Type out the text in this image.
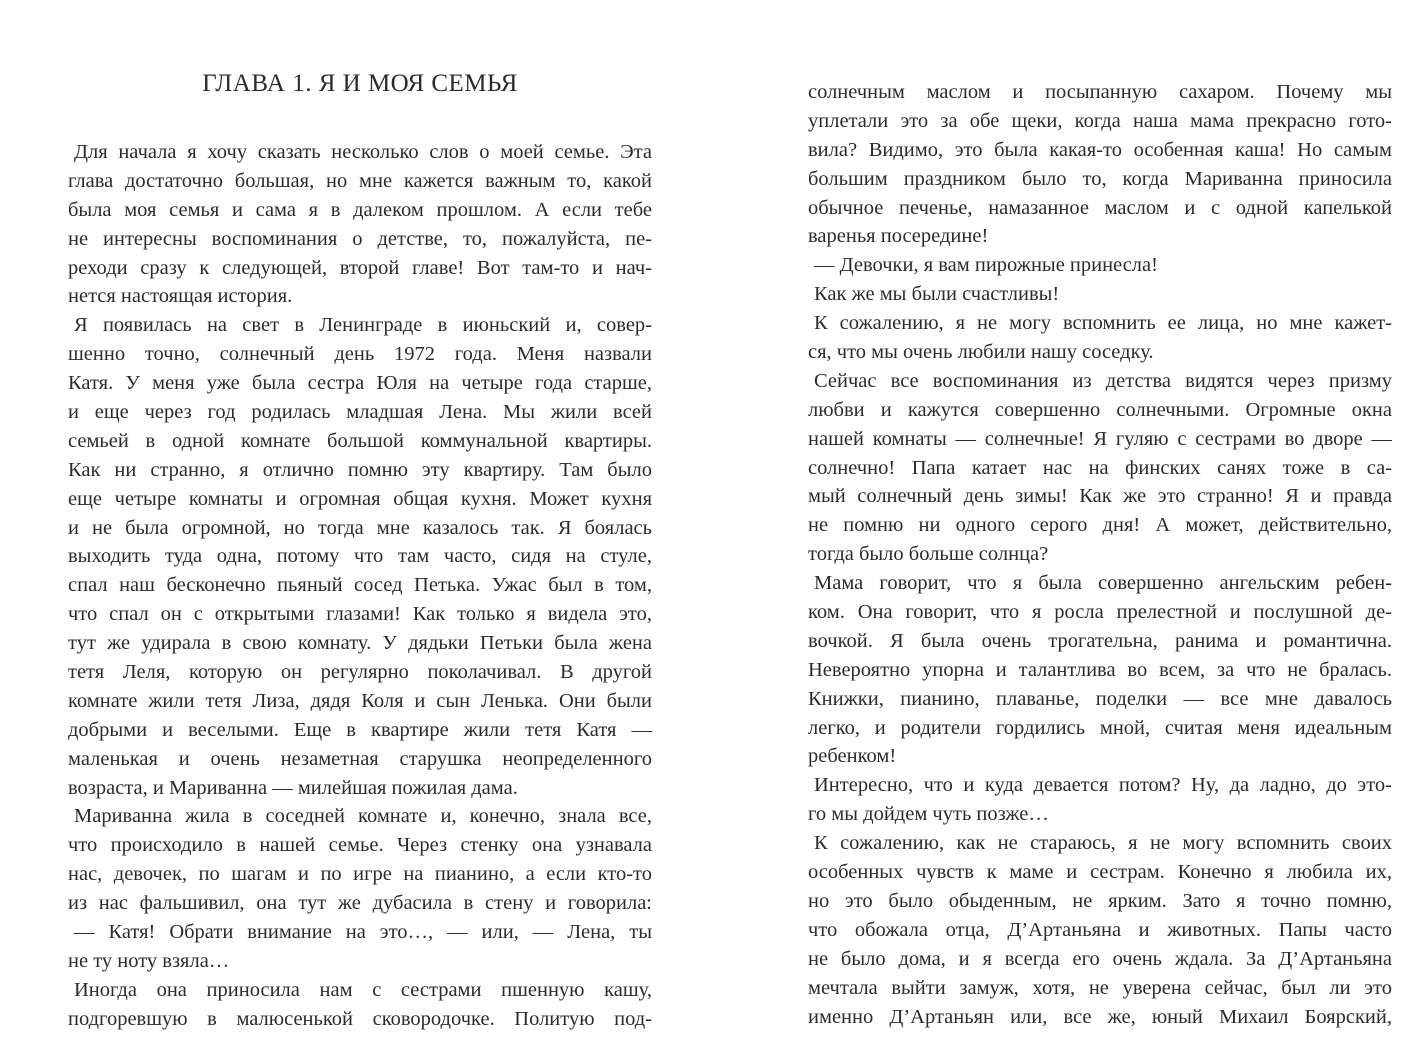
ГЛАВА 1. Я И МОЯ СЕМЬЯ
Для начала я хочу сказать несколько слов о моей семье. Эта
глава достаточно большая, но мне кажется важным то, какой
была моя семья и сама я в далеком прошлом. А если тебе
не интересны воспоминания о детстве, то, пожалуйста, пе-
реходи сразу к следующей, второй главе! Вот там-то и нач-
нется настоящая история.
Я появилась на свет в Ленинграде в июньский и, совер-
шенно точно, солнечный день 1972 года. Меня назвали
Катя. У меня уже была сестра Юля на четыре года старше,
и еще через год родилась младшая Лена. Мы жили всей
семьей в одной комнате большой коммунальной квартиры.
Как ни странно, я отлично помню эту квартиру. Там было
еще четыре комнаты и огромная общая кухня. Может кухня
и не была огромной, но тогда мне казалось так. Я боялась
выходить туда одна, потому что там часто, сидя на стуле,
спал наш бесконечно пьяный сосед Петька. Ужас был в том,
что спал он с открытыми глазами! Как только я видела это,
тут же удирала в свою комнату. У дядьки Петьки была жена
тетя Леля, которую он регулярно поколачивал. В другой
комнате жили тетя Лиза, дядя Коля и сын Ленька. Они были
добрыми и веселыми. Еще в квартире жили тетя Катя —
маленькая и очень незаметная старушка неопределенного
возраста, и Мариванна — милейшая пожилая дама.
Мариванна жила в соседней комнате и, конечно, знала все,
что происходило в нашей семье. Через стенку она узнавала
нас, девочек, по шагам и по игре на пианино, а если кто-то
из нас фальшивил, она тут же дубасила в стену и говорила:
— Катя! Обрати внимание на это…, — или, — Лена, ты
не ту ноту взяла…
Иногда она приносила нам с сестрами пшенную кашу,
подгоревшую в малюсенькой сковородочке. Политую под-
солнечным маслом и посыпанную сахаром. Почему мы
уплетали это за обе щеки, когда наша мама прекрасно гото-
вила? Видимо, это была какая-то особенная каша! Но самым
большим праздником было то, когда Мариванна приносила
обычное печенье, намазанное маслом и с одной капелькой
варенья посередине!
— Девочки, я вам пирожные принесла!
Как же мы были счастливы!
К сожалению, я не могу вспомнить ее лица, но мне кажет-
ся, что мы очень любили нашу соседку.
Сейчас все воспоминания из детства видятся через призму
любви и кажутся совершенно солнечными. Огромные окна
нашей комнаты — солнечные! Я гуляю с сестрами во дворе —
солнечно! Папа катает нас на финских санях тоже в са-
мый солнечный день зимы! Как же это странно! Я и правда
не помню ни одного серого дня! А может, действительно,
тогда было больше солнца?
Мама говорит, что я была совершенно ангельским ребен-
ком. Она говорит, что я росла прелестной и послушной де-
вочкой. Я была очень трогательна, ранима и романтична.
Невероятно упорна и талантлива во всем, за что не бралась.
Книжки, пианино, плаванье, поделки — все мне давалось
легко, и родители гордились мной, считая меня идеальным
ребенком!
Интересно, что и куда девается потом? Ну, да ладно, до это-
го мы дойдем чуть позже…
К сожалению, как не стараюсь, я не могу вспомнить своих
особенных чувств к маме и сестрам. Конечно я любила их,
но это было обыденным, не ярким. Зато я точно помню,
что обожала отца, Д’Артаньяна и животных. Папы часто
не было дома, и я всегда его очень ждала. За Д’Артаньяна
мечтала выйти замуж, хотя, не уверена сейчас, был ли это
именно Д’Артаньян или, все же, юный Михаил Боярский,
